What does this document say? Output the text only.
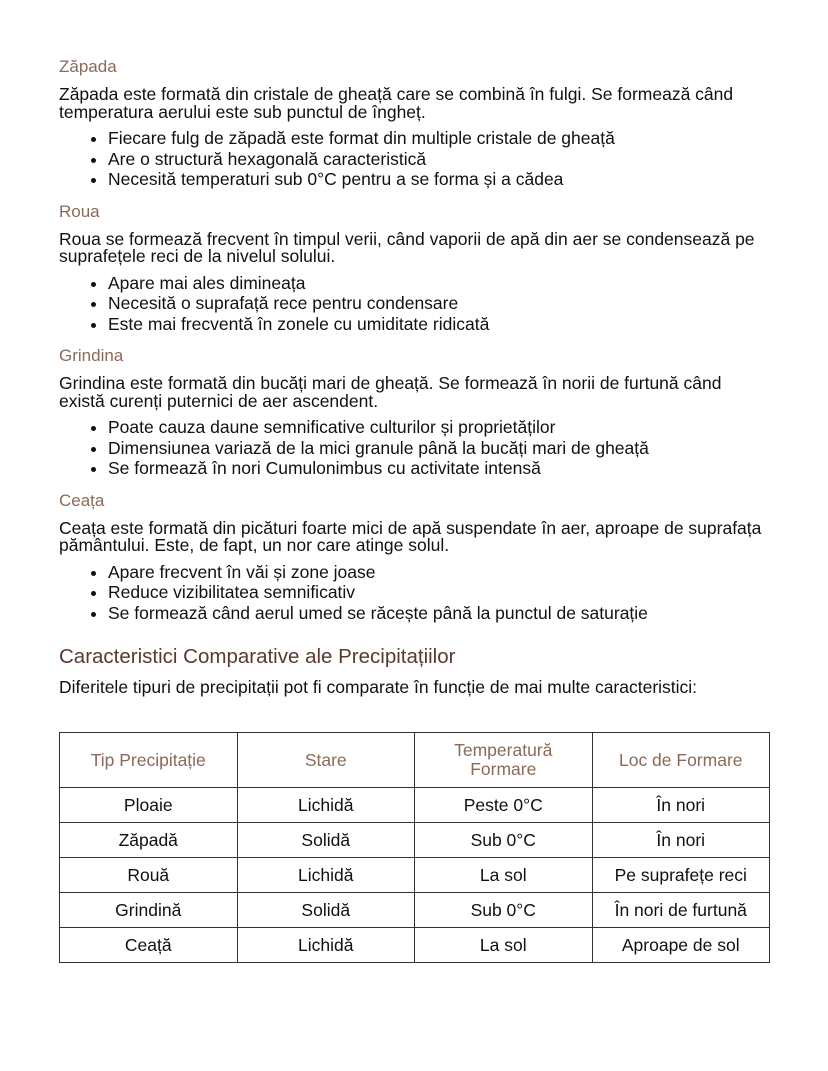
Zăpada

Zăpada este formată din cristale de gheață care se combină în fulgi. Se formează când temperatura aerului este sub punctul de îngheț.

• Fiecare fulg de zăpadă este format din multiple cristale de gheață
• Are o structură hexagonală caracteristică
• Necesită temperaturi sub 0°C pentru a se forma și a cădea
Roua

Roua se formează frecvent în timpul verii, când vaporii de apă din aer se condensează pe suprafețele reci de la nivelul solului.

• Apare mai ales dimineața
• Necesită o suprafață rece pentru condensare
• Este mai frecventă în zonele cu umiditate ridicată
Grindina

Grindina este formată din bucăți mari de gheață. Se formează în norii de furtună când există curenți puternici de aer ascendent.

• Poate cauza daune semnificative culturilor și proprietăților
• Dimensiunea variază de la mici granule până la bucăți mari de gheață
• Se formează în nori Cumulonimbus cu activitate intensă
Ceața

Ceața este formată din picături foarte mici de apă suspendate în aer, aproape de suprafața pământului. Este, de fapt, un nor care atinge solul.

• Apare frecvent în văi și zone joase
• Reduce vizibilitatea semnificativ
• Se formează când aerul umed se răcește până la punctul de saturație
Caracteristici Comparative ale Precipitațiilor

Diferitele tipuri de precipitații pot fi comparate în funcție de mai multe caracteristici:

Tip Precipitație	Stare	Temperatură Formare	Loc de Formare
Ploaie	Lichidă	Peste 0°C	În nori
Zăpadă	Solidă	Sub 0°C	În nori
Rouă	Lichidă	La sol	Pe suprafețe reci
Grindină	Solidă	Sub 0°C	În nori de furtună
Ceață	Lichidă	La sol	Aproape de sol
